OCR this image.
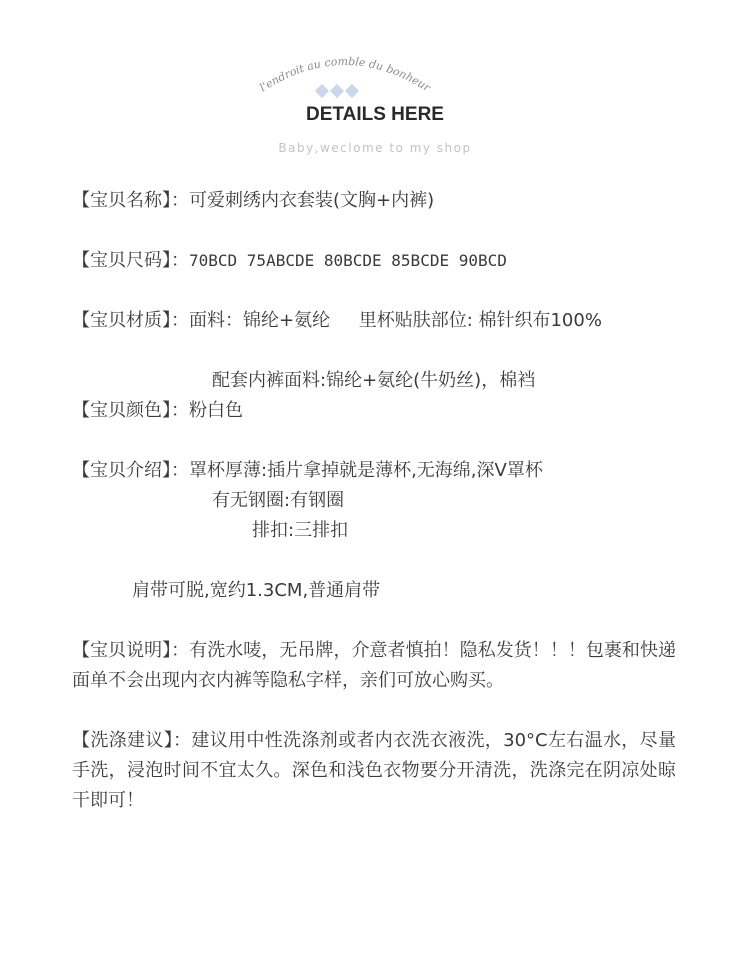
l'endroit au comble du bonheur
DETAILS HERE
Baby,weclome to my shop
【宝贝名称】：可爱刺绣内衣套装(文胸+内裤)
【宝贝尺码】：70BCD 75ABCDE 80BCDE 85BCDE 90BCD
【宝贝材质】：面料：锦纶+氨纶     里杯贴肤部位: 棉针织布100%
配套内裤面料:锦纶+氨纶(牛奶丝)，棉裆
【宝贝颜色】：粉白色
【宝贝介绍】：罩杯厚薄:插片拿掉就是薄杯,无海绵,深V罩杯
有无钢圈:有钢圈
排扣:三排扣
肩带可脱,宽约1.3CM,普通肩带
【宝贝说明】：有洗水唛，无吊牌，介意者慎拍！隐私发货！！！包裹和快递面单不会出现内衣内裤等隐私字样，亲们可放心购买。
【洗涤建议】：建议用中性洗涤剂或者内衣洗衣液洗，30°C左右温水，尽量手洗，浸泡时间不宜太久。深色和浅色衣物要分开清洗，洗涤完在阴凉处晾干即可！
